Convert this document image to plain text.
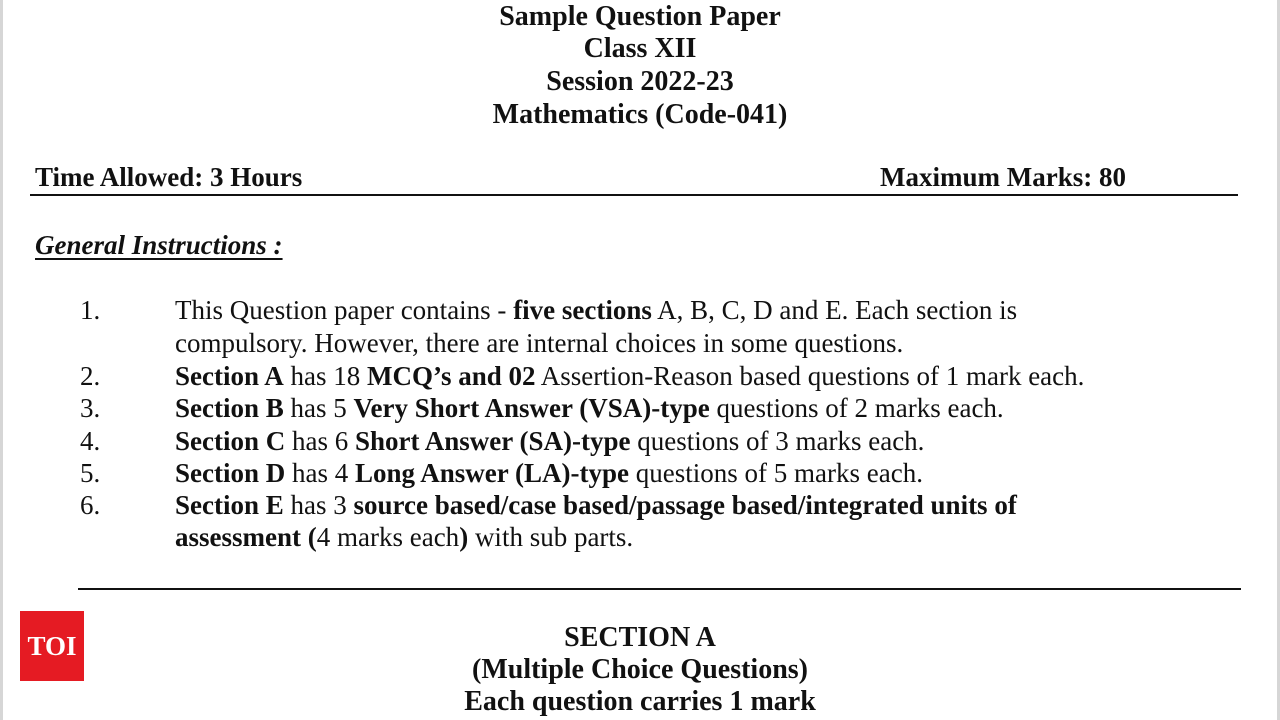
Sample Question Paper
Class XII
Session 2022-23
Mathematics (Code-041)
Time Allowed: 3 Hours	Maximum Marks: 80
General Instructions :
1.	This Question paper contains - five sections A, B, C, D and E. Each section is
compulsory. However, there are internal choices in some questions.
2.	Section A has 18 MCQ’s and 02 Assertion-Reason based questions of 1 mark each.
3.	Section B has 5 Very Short Answer (VSA)-type questions of 2 marks each.
4.	Section C has 6 Short Answer (SA)-type questions of 3 marks each.
5.	Section D has 4 Long Answer (LA)-type questions of 5 marks each.
6.	Section E has 3 source based/case based/passage based/integrated units of
assessment (4 marks each) with sub parts.
SECTION A
(Multiple Choice Questions)
Each question carries 1 mark
TOI
